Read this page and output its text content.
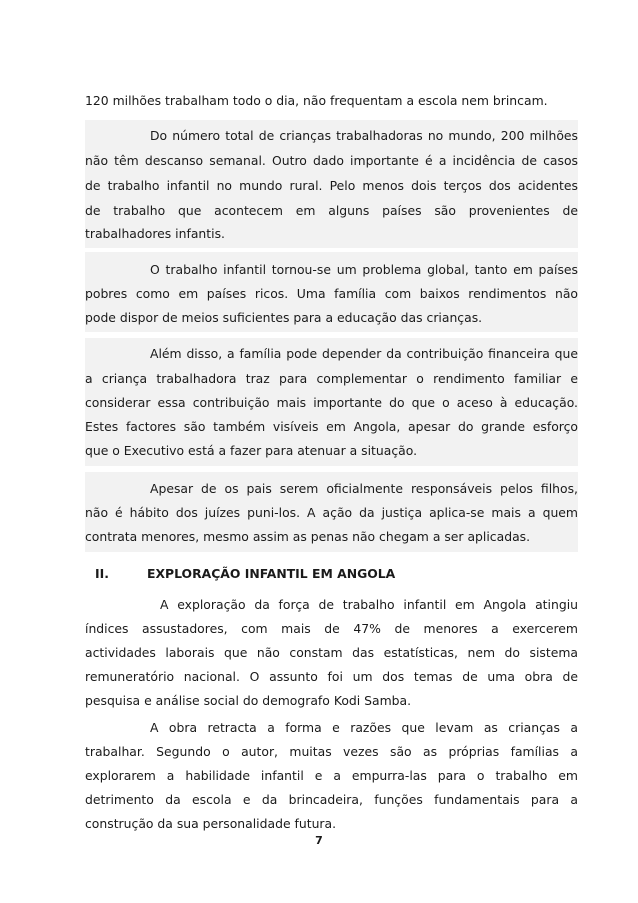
120 milhões trabalham todo o dia, não frequentam a escola nem brincam.
Do número total de crianças trabalhadoras no mundo, 200 milhões
não têm descanso semanal. Outro dado importante é a incidência de casos
de trabalho infantil no mundo rural. Pelo menos dois terços dos acidentes
de trabalho que acontecem em alguns países são provenientes de
trabalhadores infantis.
O trabalho infantil tornou-se um problema global, tanto em países
pobres como em países ricos. Uma família com baixos rendimentos não
pode dispor de meios suficientes para a educação das crianças.
Além disso, a família pode depender da contribuição financeira que
a criança trabalhadora traz para complementar o rendimento familiar e
considerar essa contribuição mais importante do que o aceso à educação.
Estes factores são também visíveis em Angola, apesar do grande esforço
que o Executivo está a fazer para atenuar a situação.
Apesar de os pais serem oficialmente responsáveis pelos filhos,
não é hábito dos juízes puni-los. A ação da justiça aplica-se mais a quem
contrata menores, mesmo assim as penas não chegam a ser aplicadas.
II.	EXPLORAÇÃO INFANTIL EM ANGOLA
A exploração da força de trabalho infantil em Angola atingiu
índices assustadores, com mais de 47% de menores a exercerem
actividades laborais que não constam das estatísticas, nem do sistema
remuneratório nacional. O assunto foi um dos temas de uma obra de
pesquisa e análise social do demografo Kodi Samba.
A obra retracta a forma e razões que levam as crianças a
trabalhar. Segundo o autor, muitas vezes são as próprias famílias a
explorarem a habilidade infantil e a empurra-las para o trabalho em
detrimento da escola e da brincadeira, funções fundamentais para a
construção da sua personalidade futura.
7
